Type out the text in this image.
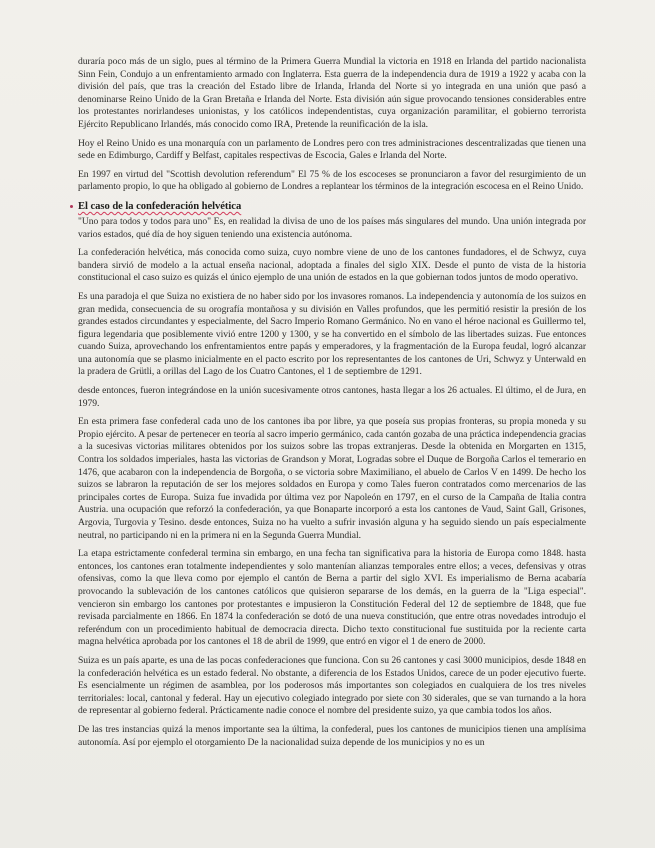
duraría poco más de un siglo, pues al término de la Primera Guerra Mundial la victoria en 1918 en Irlanda del partido nacionalista Sinn Fein, Condujo a un enfrentamiento armado con Inglaterra. Esta guerra de la independencia dura de 1919 a 1922 y acaba con la división del país, que tras la creación del Estado libre de Irlanda, Irlanda del Norte si yo integrada en una unión que pasó a denominarse Reino Unido de la Gran Bretaña e Irlanda del Norte. Esta división aún sigue provocando tensiones considerables entre los protestantes norirlandeses unionistas, y los católicos independentistas, cuya organización paramilitar, el gobierno terrorista Ejército Republicano Irlandés, más conocido como IRA, Pretende la reunificación de la isla.

Hoy el Reino Unido es una monarquía con un parlamento de Londres pero con tres administraciones descentralizadas que tienen una sede en Edimburgo, Cardiff y Belfast, capitales respectivas de Escocia, Gales e Irlanda del Norte.

En 1997 en virtud del "Scottish devolution referendum" El 75 % de los escoceses se pronunciaron a favor del resurgimiento de un parlamento propio, lo que ha obligado al gobierno de Londres a replantear los términos de la integración escocesa en el Reino Unido.

El caso de la confederación helvética

"Uno para todos y todos para uno" Es, en realidad la divisa de uno de los países más singulares del mundo. Una unión integrada por varios estados, qué día de hoy siguen teniendo una existencia autónoma.

La confederación helvética, más conocida como suiza, cuyo nombre viene de uno de los cantones fundadores, el de Schwyz, cuya bandera sirvió de modelo a la actual enseña nacional, adoptada a finales del siglo XIX. Desde el punto de vista de la historia constitucional el caso suizo es quizás el único ejemplo de una unión de estados en la que gobiernan todos juntos de modo operativo.

Es una paradoja el que Suiza no existiera de no haber sido por los invasores romanos. La independencia y autonomía de los suizos en gran medida, consecuencia de su orografía montañosa y su división en Valles profundos, que les permitió resistir la presión de los grandes estados circundantes y especialmente, del Sacro Imperio Romano Germánico. No en vano el héroe nacional es Guillermo tel, figura legendaria que posiblemente vivió entre 1200 y 1300, y se ha convertido en el símbolo de las libertades suizas. Fue entonces cuando Suiza, aprovechando los enfrentamientos entre papás y emperadores, y la fragmentación de la Europa feudal, logró alcanzar una autonomía que se plasmo inicialmente en el pacto escrito por los representantes de los cantones de Uri, Schwyz y Unterwald en la pradera de Grütli, a orillas del Lago de los Cuatro Cantones, el 1 de septiembre de 1291.

desde entonces, fueron integrándose en la unión sucesivamente otros cantones, hasta llegar a los 26 actuales. El último, el de Jura, en 1979.

En esta primera fase confederal cada uno de los cantones iba por libre, ya que poseía sus propias fronteras, su propia moneda y su Propio ejército. A pesar de pertenecer en teoría al sacro imperio germánico, cada cantón gozaba de una práctica independencia gracias a la sucesivas victorias militares obtenidos por los suizos sobre las tropas extranjeras. Desde la obtenida en Morgarten en 1315, Contra los soldados imperiales, hasta las victorias de Grandson y Morat, Logradas sobre el Duque de Borgoña Carlos el temerario en 1476, que acabaron con la independencia de Borgoña, o se victoria sobre Maximiliano, el abuelo de Carlos V en 1499. De hecho los suizos se labraron la reputación de ser los mejores soldados en Europa y como Tales fueron contratados como mercenarios de las principales cortes de Europa. Suiza fue invadida por última vez por Napoleón en 1797, en el curso de la Campaña de Italia contra Austria. una ocupación que reforzó la confederación, ya que Bonaparte incorporó a esta los cantones de Vaud, Saint Gall, Grisones, Argovia, Turgovia y Tesino. desde entonces, Suiza no ha vuelto a sufrir invasión alguna y ha seguido siendo un país especialmente neutral, no participando ni en la primera ni en la Segunda Guerra Mundial.

La etapa estrictamente confederal termina sin embargo, en una fecha tan significativa para la historia de Europa como 1848. hasta entonces, los cantones eran totalmente independientes y solo mantenían alianzas temporales entre ellos; a veces, defensivas y otras ofensivas, como la que lleva como por ejemplo el cantón de Berna a partir del siglo XVI. Es imperialismo de Berna acabaría provocando la sublevación de los cantones católicos que quisieron separarse de los demás, en la guerra de la "Liga especial". vencieron sin embargo los cantones por protestantes e impusieron la Constitución Federal del 12 de septiembre de 1848, que fue revisada parcialmente en 1866. En 1874 la confederación se dotó de una nueva constitución, que entre otras novedades introdujo el referéndum con un procedimiento habitual de democracia directa. Dicho texto constitucional fue sustituida por la reciente carta magna helvética aprobada por los cantones el 18 de abril de 1999, que entró en vigor el 1 de enero de 2000.

Suiza es un país aparte, es una de las pocas confederaciones que funciona. Con su 26 cantones y casi 3000 municipios, desde 1848 en la confederación helvética es un estado federal. No obstante, a diferencia de los Estados Unidos, carece de un poder ejecutivo fuerte. Es esencialmente un régimen de asamblea, por los poderosos más importantes son colegiados en cualquiera de los tres niveles territoriales: local, cantonal y federal. Hay un ejecutivo colegiado integrado por siete con 30 siderales, que se van turnando a la hora de representar al gobierno federal. Prácticamente nadie conoce el nombre del presidente suizo, ya que cambia todos los años.

De las tres instancias quizá la menos importante sea la última, la confederal, pues los cantones de municipios tienen una amplísima autonomía. Así por ejemplo el otorgamiento De la nacionalidad suiza depende de los municipios y no es un
